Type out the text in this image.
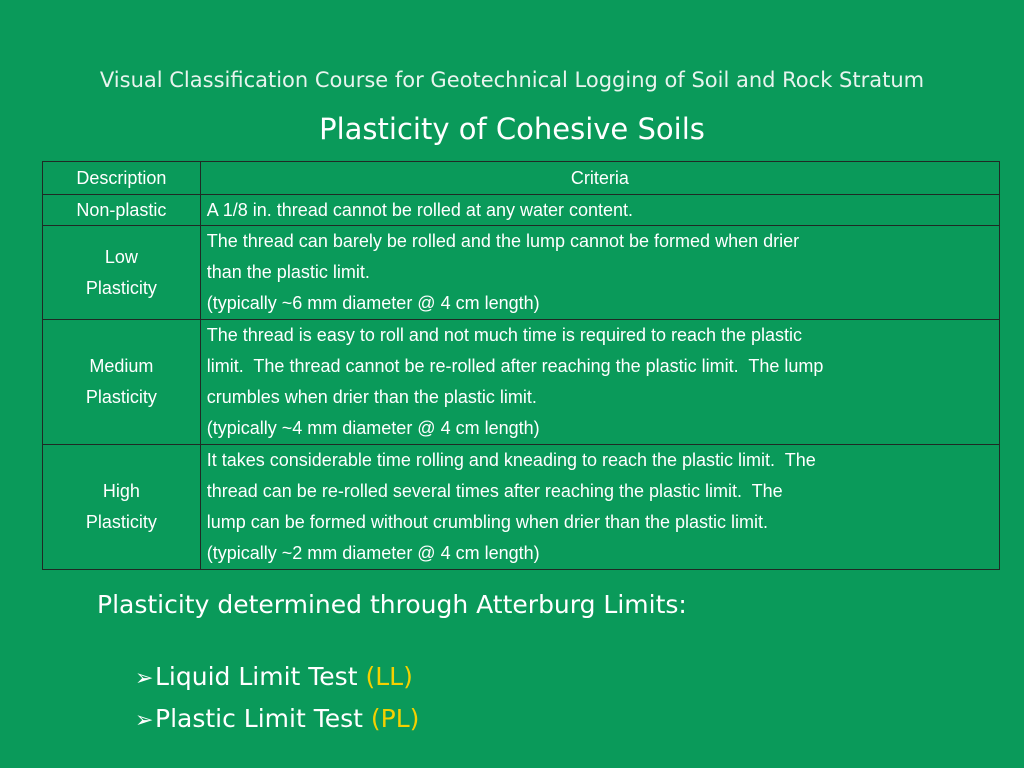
Visual Classification Course for Geotechnical Logging of Soil and Rock Stratum
Plasticity of Cohesive Soils
Description	Criteria

Non-plastic	A 1/8 in. thread cannot be rolled at any water content.

Low
Plasticity	The thread can barely be rolled and the lump cannot be formed when drier
than the plastic limit.
(typically ~6 mm diameter @ 4 cm length)

Medium
Plasticity	The thread is easy to roll and not much time is required to reach the plastic
limit.  The thread cannot be re-rolled after reaching the plastic limit.  The lump
crumbles when drier than the plastic limit.
(typically ~4 mm diameter @ 4 cm length)

High
Plasticity	It takes considerable time rolling and kneading to reach the plastic limit.  The
thread can be re-rolled several times after reaching the plastic limit.  The
lump can be formed without crumbling when drier than the plastic limit.
(typically ~2 mm diameter @ 4 cm length)
Plasticity determined through Atterburg Limits:
➢Liquid Limit Test (LL)
➢Plastic Limit Test (PL)
